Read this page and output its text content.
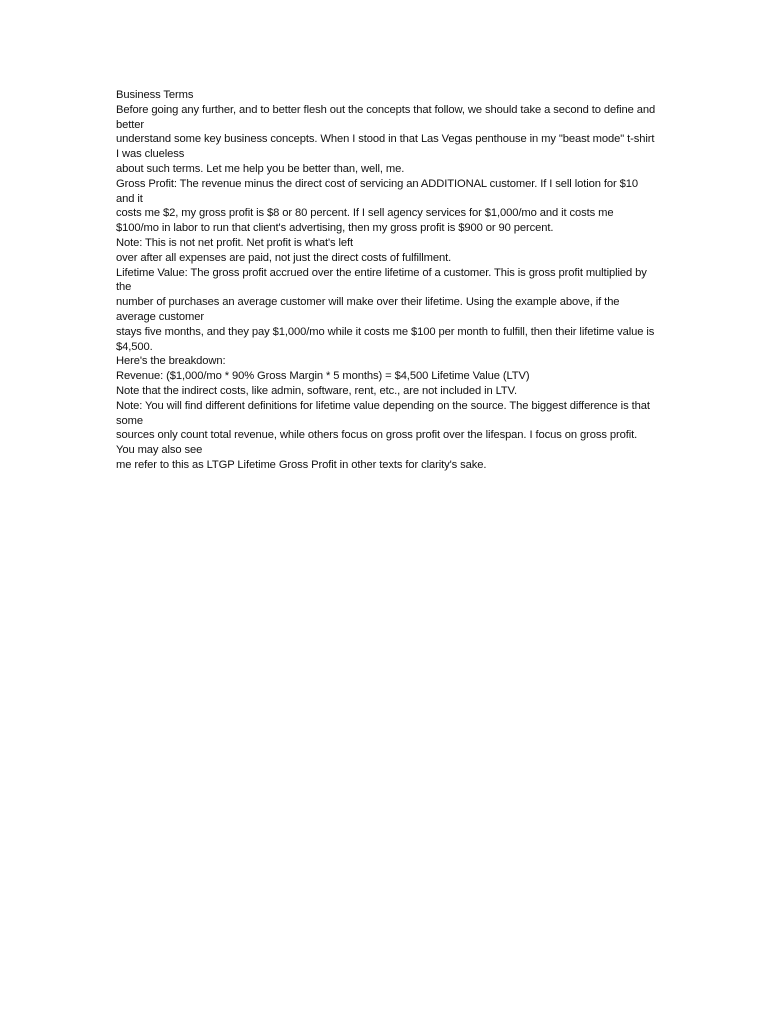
Business Terms

Before going any further, and to better flesh out the concepts that follow, we should take a second to define and better

understand some key business concepts. When I stood in that Las Vegas penthouse in my "beast mode" t-shirt I was clueless

about such terms. Let me help you be better than, well, me.

Gross Profit: The revenue minus the direct cost of servicing an ADDITIONAL customer. If I sell lotion for $10 and it

costs me $2, my gross profit is $8 or 80 percent. If I sell agency services for $1,000/mo and it costs me

$100/mo in labor to run that client's advertising, then my gross profit is $900 or 90 percent.

Note: This is not net profit. Net profit is what's left

over after all expenses are paid, not just the direct costs of fulfillment.

Lifetime Value: The gross profit accrued over the entire lifetime of a customer. This is gross profit multiplied by the

number of purchases an average customer will make over their lifetime. Using the example above, if the average customer

stays five months, and they pay $1,000/mo while it costs me $100 per month to fulfill, then their lifetime value is $4,500.

Here's the breakdown:

Revenue: ($1,000/mo * 90% Gross Margin * 5 months) = $4,500 Lifetime Value (LTV)

Note that the indirect costs, like admin, software, rent, etc., are not included in LTV.

Note: You will find different definitions for lifetime value depending on the source. The biggest difference is that some

sources only count total revenue, while others focus on gross profit over the lifespan. I focus on gross profit. You may also see

me refer to this as LTGP Lifetime Gross Profit in other texts for clarity's sake.
